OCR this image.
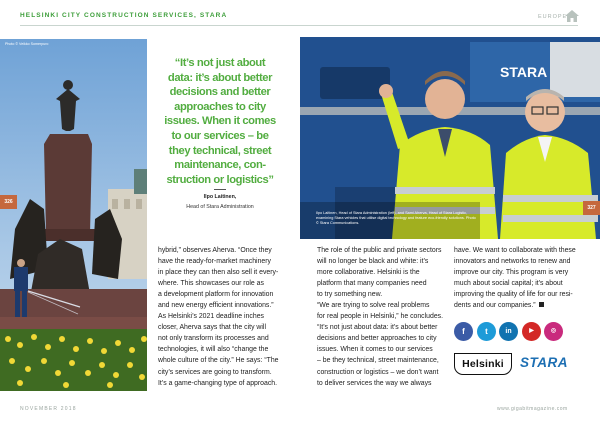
HELSINKI CITY CONSTRUCTION SERVICES, STARA	EUROPE
Photo © Veikko Somerpuro
326
“It’s not just about
data: it’s about better
decisions and better
approaches to city
issues. When it comes
to our services – be
they technical, street
maintenance, con-
struction or logistics”
Ilpo Laitinen,
Head of Stara Administration
STARA
Ilpo Laitinen, Head of Stara Administration (left), and Sami Aherva, Head of Stara Logistic, examining Stara vehicles that utilise digital technology and feature eco-friendly solutions. Photo © Stara Communications.
327

hybrid,” observes Aherva. “Once they

have the ready-for-market machinery

in place they can then also sell it every-

where. This showcases our role as

a development platform for innovation

and new energy efficient innovations.”

As Helsinki’s 2021 deadline inches

closer, Aherva says that the city will

not only transform its processes and

technologies, it will also “change the

whole culture of the city.” He says: “The

city’s services are going to transform.

It’s a game-changing type of approach.

The role of the public and private sectors

will no longer be black and white: it’s

more collaborative. Helsinki is the

platform that many companies need

to try something new.

“We are trying to solve real problems

for real people in Helsinki,” he concludes.

“It’s not just about data: it’s about better

decisions and better approaches to city

issues. When it comes to our services

– be they technical, street maintenance,

construction or logistics – we don’t want

to deliver services the way we always

have. We want to collaborate with these

innovators and networks to renew and

improve our city. This program is very

much about social capital; it’s about

improving the quality of life for our resi-

dents and our companies.”

f	t	in	▶	◎
Helsinki	STARA
NOVEMBER 2018	www.gigabitmagazine.com
